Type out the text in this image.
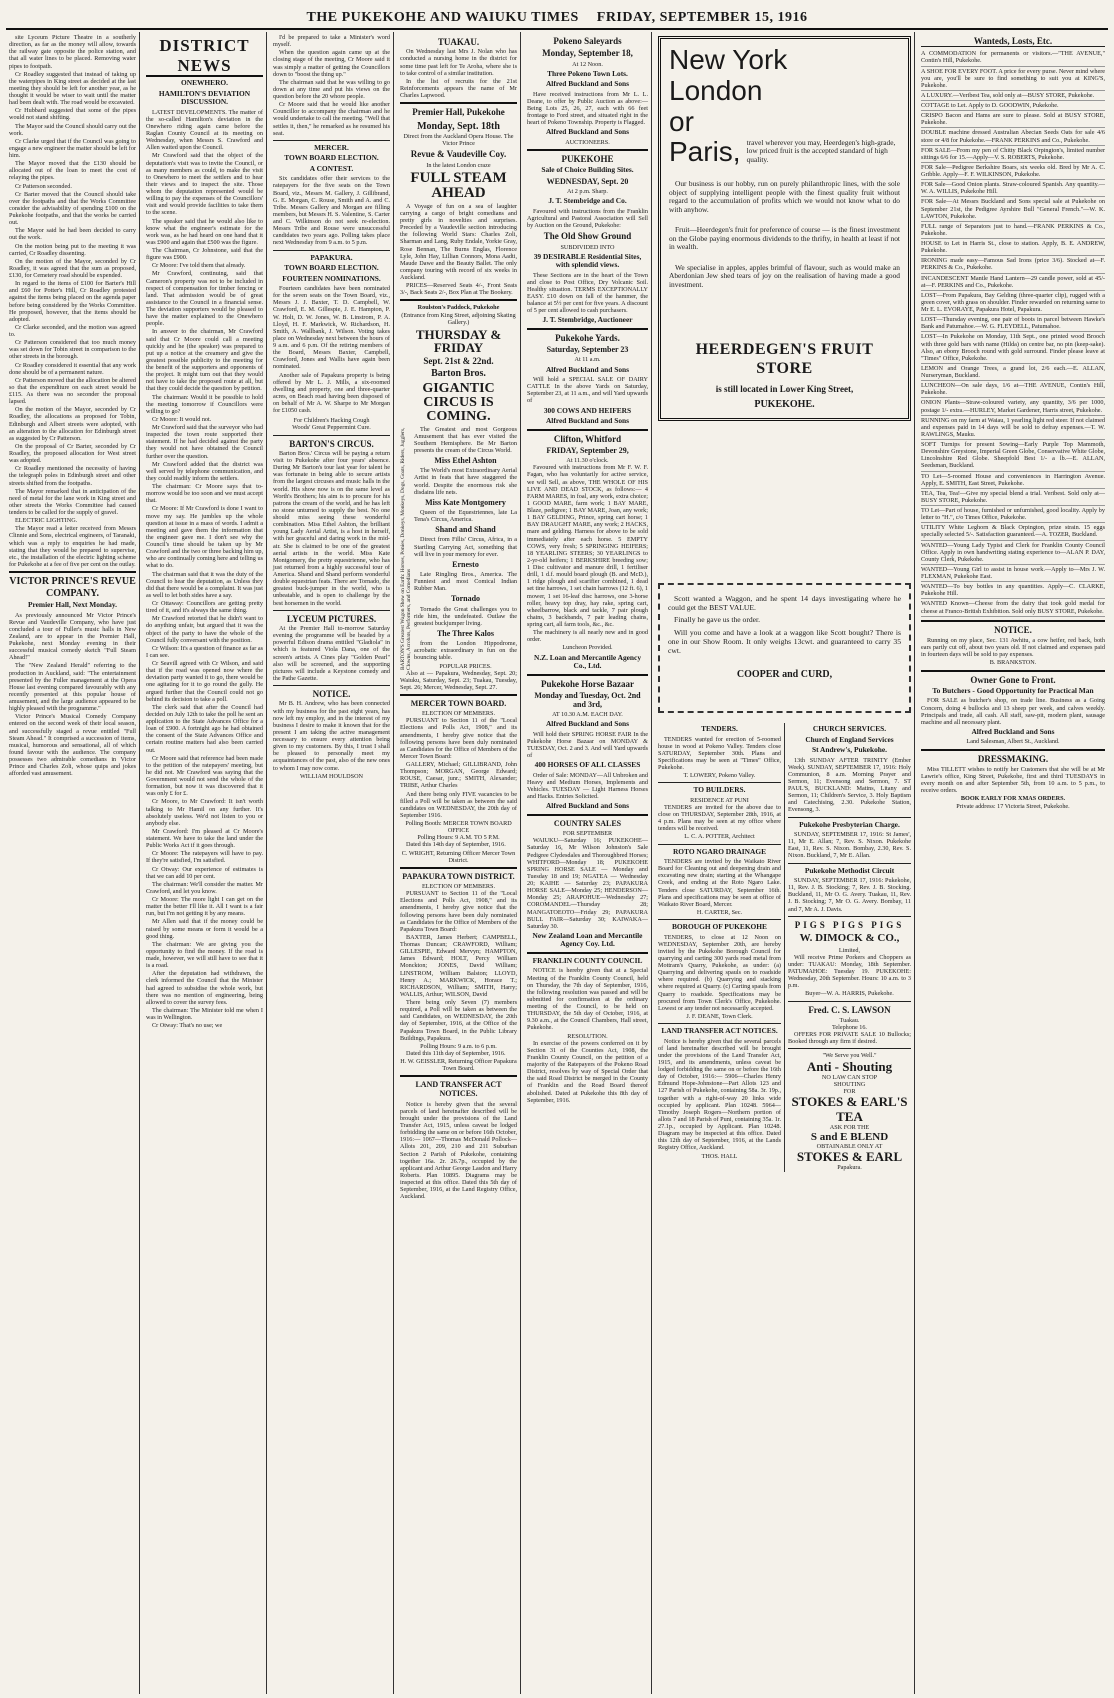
THE PUKEKOHE AND WAIUKU TIMES FRIDAY, SEPTEMBER 15, 1916
site Lyceum Picture Theatre in a southerly direction, as far as the money will allow, towards the railway gate opposite the police station, and that all water lines to be placed. Removing water pipes to footpath.
Cr Roadley suggested that instead of taking up the waterpipes in King street as decided at the last meeting they should be left for another year, as he thought it would be wiser to wait until the matter had been dealt with. The road would be excavated.
Cr Hubbard suggested that some of the pipes would not stand shifting.
The Mayor said the Council should carry out the work.
Cr Clarke urged that if the Council was going to engage a new engineer the matter should be left for him.
The Mayor moved that the £130 should be allocated out of the loan to meet the cost of relaying the pipes.
Cr Patterson seconded.
Cr Barter moved that the Council should take over the footpaths and that the Works Committee consider the advisability of spending £100 on the Pukekohe footpaths, and that the works be carried out.
The Mayor said he had been decided to carry out the work.
On the motion being put to the meeting it was carried, Cr Roadley dissenting.
On the motion of the Mayor, seconded by Cr Roadley, it was agreed that the sum as proposed, £130, for Cemetery road should be expended.
In regard to the items of £100 for Barter's Hill and £60 for Potter's Hill, Cr Roadley protested against the items being placed on the agenda paper before being considered by the Works Committee. He proposed, however, that the items should be adopted.
Cr Clarke seconded, and the motion was agreed to.
Cr Patterson considered that too much money was set down for Tobin street in comparison to the other streets in the borough.
Cr Roadley considered it essential that any work done should be of a permanent nature.
Cr Patterson moved that the allocation be altered so that the expenditure on each street would be £115. As there was no seconder the proposal lapsed.
On the motion of the Mayor, seconded by Cr Roadley, the allocations as proposed for Tobin, Edinburgh and Albert streets were adopted, with an alteration to the allocation for Edinburgh street as suggested by Cr Patterson.
On the proposal of Cr Barter, seconded by Cr Roadley, the proposed allocation for West street was adopted.
Cr Roadley mentioned the necessity of having the telegraph poles in Edinburgh street and other streets shifted from the footpaths.
The Mayor remarked that in anticipation of the need of metal for the lane work in King street and other streets the Works Committee had caused tenders to be called for the supply of gravel.
ELECTRIC LIGHTING.
The Mayor read a letter received from Messrs Clinnie and Sons, electrical engineers, of Taranaki, which was a reply to enquiries he had made, stating that they would be prepared to supervise, etc., the installation of the electric lighting scheme for Pukekohe at a fee of five per cent on the outlay.
VICTOR PRINCE'S REVUE COMPANY.
Premier Hall, Next Monday.
As previously announced Mr Victor Prince's Revue and Vaudeville Company, who have just concluded a tour of Fuller's music halls in New Zealand, are to appear in the Premier Hall, Pukekohe, next Monday evening in their successful musical comedy sketch "Full Steam Ahead!"
The "New Zealand Herald" referring to the production in Auckland, said: "The entertainment presented by the Fuller management at the Opera House last evening compared favourably with any recently presented at this popular house of amusement, and the large audience appeared to be highly pleased with the programme."
Victor Prince's Musical Comedy Company entered on the second week of their local season, and successfully staged a revue entitled "Full Steam Ahead." It comprised a succession of items, musical, humorous and sensational, all of which found favour with the audience. The company possesses two admirable comedians in Victor Prince and Charles Zoli, whose quips and jokes afforded vast amusement.
DISTRICT NEWS
ONEWHERO.
HAMILTON'S DEVIATION DISCUSSION.
LATEST DEVELOPMENTS. The matter of the so-called Hamilton's deviation in the Onewhero riding again came before the Raglan County Council at its meeting on Wednesday, when Messrs S. Crawford and Allen waited upon the Council.
Mr Crawford said that the object of the deputation's visit was to invite the Council, or as many members as could, to make the visit to Onewhero to meet the settlers and to hear their views and to inspect the site. Those whom the deputation represented would be willing to pay the expenses of the Councillors' visit and would provide facilities to take them to the scene.
The speaker said that he would also like to know what the engineer's estimate for the work was, as he had heard on one hand that it was £900 and again that £500 was the figure.
The Chairman, Cr Johnstone, said that the figure was £900.
Cr Moore: I've told them that already.
Mr Crawford, continuing, said that Cameron's property was not to be included in respect of compensation for timber fencing or land. That admission would be of great assistance to the Council in a financial sense. The deviation supporters would be pleased to have the matter explained to the Onewhero people.
In answer to the chairman, Mr Crawford said that Cr Moore could call a meeting quickly and he (the speaker) was prepared to put up a notice at the creamery and give the greatest possible publicity to the meeting for the benefit of the supporters and opponents of the project. It might turn out that they would not have to take the proposed route at all, but that they could decide the question by petition.
The chairman: Would it be possible to hold the meeting tomorrow if Councillors were willing to go?
Cr Moore: It would not.
Mr Crawford said that the surveyor who had inspected the town route supported their statement. If he had decided against the party they would not have obtained the Council further over the question.
Mr Crawford added that the district was well served by telephone communication, and they could readily inform the settlers.
The chairman: Cr Moore says that to-morrow would be too soon and we must accept that.
Cr Moore: If Mr Crawford is done I want to move my say. He jumbles up the whole question at issue in a mass of words. I admit a meeting and gave them the information that the engineer gave me. I don't see why the Council's time should be taken up by Mr Crawford and the two or three backing him up, who are continually coming here and telling us what to do.
The chairman said that it was the duty of the Council to hear the deputation, as Unless they did that there would be a complaint. It was just as well to let both sides have a say.
Cr Ottaway: Councillors are getting pretty tired of it, and it's always the same thing.
Mr Crawford retorted that he didn't want to do anything unfair, but argued that it was the object of the party to have the whole of the Council fully conversant with the position.
Cr Wilson: It's a question of finance as far as I can see.
Cr Seavill agreed with Cr Wilson, and said that if the road was opened now where the deviation party wanted it to go, there would be one agitating for it to go round the gully. He argued further that the Council could not go behind its decision to take a poll.
The clerk said that after the Council had decided on July 12th to take the poll he sent an application to the State Advances Office for a loan of £900. A fortnight ago he had obtained the consent of the State Advances Office and certain routine matters had also been carried out.
Cr Moore said that reference had been made to the petition of the ratepayers' meeting, but he did not. Mr Crawford was saying that the Government would not send the whole of the formation, but now it was discovered that it was only £ for £.
Cr Moore, to Mr Crawford: It isn't worth talking to Mr Hamil on any further. It's absolutely useless. We'd not listen to you or anybody else.
Mr Crawford: I'm pleased at Cr Moore's statement. We have to take the land under the Public Works Act if it goes through.
Cr Moore: The ratepayers will have to pay. If they're satisfied, I'm satisfied.
Cr Otway: Our experience of estimates is that we can add 10 per cent.
The chairman: We'll consider the matter. Mr Crawford, and let you know.
Cr Moore: The more light I can get on the matter the better I'll like it. All I want is a fair run, but I'm not getting it by any means.
Mr Allen said that if the money could be raised by some means or form it would be a good thing.
The chairman: We are giving you the opportunity to find the money. If the road is made, however, we will still have to see that it is a road.
After the deputation had withdrawn, the clerk informed the Council that the Minister had agreed to subsidise the whole work, but there was no mention of engineering, being allowed to cover the survey fees.
The chairman: The Minister told me when I was in Wellington.
Cr Otway: That's no use; we
I'd be prepared to take a Minister's word myself.
When the question again came up at the closing stage of the meeting, Cr Moore said it was simply a matter of getting the Councillors down to "boost the thing up."
The chairman said that he was willing to go down at any time and put his views on the question before the 20 whore people.
Cr Moore said that he would like another Councillor to accompany the chairman and he would undertake to call the meeting. "Well that settles it, then," he remarked as he resumed his seat.
MERCER.
TOWN BOARD ELECTION.
A CONTEST.
Six candidates offer their services to the ratepayers for the five seats on the Town Board, viz., Messrs M. Gallery, J. Gillibrand, G. E. Morgan, C. Rouse, Smith and A. and C. Tribe. Messrs Gallery and Morgan are filling members, but Messrs H. S. Valentine, S. Carter and C. Wilkinson do not seek re-election. Messrs Tribe and Rouse were unsuccessful candidates two years ago. Polling takes place next Wednesday from 9 a.m. to 5 p.m.
PAPAKURA.
TOWN BOARD ELECTION.
FOURTEEN NOMINATIONS.
Fourteen candidates have been nominated for the seven seats on the Town Board, viz., Messrs J. J. Baxter, T. D. Campbell, W. Crawford, E. M. Gillespie, J. E. Hampton, P. W. Holt, D. W. Jones, W. B. Linstrom, P. A. Lloyd, H. F. Markwick, W. Richardson, H. Smith, A. Wallbank, J. Wilson. Voting takes place on Wednesday next between the hours of 9 a.m. and 6 p.m. Of the retiring members of the Board, Messrs Baxter, Campbell, Crawford, Jones and Wallis have again been nominated.
Another sale of Papakura property is being offered by Mr L. J. Mills, a six-roomed dwelling and property, one and three-quarter acres, on Beach road having been disposed of on behalf of Mr A. W. Sharpe to Mr Morgan for £1050 cash.
For Children's Hacking Cough
Woods' Great Peppermint Cure.
BARTON'S CIRCUS.
Barton Bros.' Circus will be paying a return visit to Pukekohe after four years' absence. During Mr Barton's tour last year for talent he was fortunate in being able to secure artists from the largest circuses and music halls in the world. His show now is on the same level as Worth's Brothers; his aim is to procure for his patrons the cream of the world, and he has left no stone unturned to supply the best. No one should miss seeing these wonderful combination. Miss Ethel Ashton, the brilliant young Lady Aerial Artist, is a host in herself, with her graceful and daring work in the mid-air. She is claimed to be one of the greatest aerial artists in the world. Miss Kate Montgomery, the pretty equestrienne, who has just returned from a highly successful tour of America. Shand and Shand perform wonderful double equestrian feats. There are Tornado, the greatest buck-jumper in the world, who is unbeatable, and is open to challenge by the best horsemen in the world.
LYCEUM PICTURES.
At the Premier Hall to-morrow Saturday evening the programme will be headed by a powerful Edison drama entitled "Gladiola" in which is featured Viola Dana, one of the screen's artists. A Cines play "Golden Pearl" also will be screened, and the supporting pictures will include a Keystone comedy and the Pathe Gazette.
NOTICE.
Mr B. H. Andrew, who has been connected with my business for the past eight years, has now left my employ, and in the interest of my business I desire to make it known that for the present I am taking the active management necessary to ensure every attention being given to my customers. By this, I trust I shall be pleased to personally meet my acquaintances of the past, also of the new ones to whom I may now come.
WILLIAM HOULDSON
TUAKAU.
On Wednesday last Mrs J. Nolan who has conducted a nursing home in the district for some time past left for Te Aroha, where she is to take control of a similar institution.
In the list of recruits for the 21st Reinforcements appears the name of Mr Charles Lapwood.
Premier Hall, Pukekohe
Monday, Sept. 18th
Direct from the Auckland Opera House. The Victor Prince
Revue & Vaudeville Coy.
In the latest London craze
FULL STEAM AHEAD
A Voyage of fun on a sea of laughter carrying a cargo of bright comedians and pretty girls in novelties and surprises. Preceded by a Vaudeville section introducing the following World Stars: Charles Zoli, Sharman and Lang, Ruby Endale, Yorkie Gray, Rose Bennan, The Burns Englas, Florence Lyle, John Hay, Lillian Connors, Mona Aadti, Maude Dawe and the Beauty Ballet. The only company touring with record of six weeks in Auckland.
PRICES—Reserved Seats 4/-, Front Seats 3/-, Back Seats 2/-, Box Plan at The Bookery.
Roulston's Paddock, Pukekohe
(Entrance from King Street, adjoining Skating Gallery.)
THURSDAY & FRIDAY
Sept. 21st & 22nd.
Barton Bros.
GIGANTIC CIRCUS IS COMING.
BARTON'S Greatest Wagon Show on Earth: Horses, Ponies, Donkeys, Monkeys, Dogs, Goats, Riders, Jugglers, Clowns, Acrobats, Performers, and Comedians
The Greatest and most Gorgeous Amusement that has ever visited the Southern Hemisphere. Be Mr Barton presents the cream of the Circus World.
Miss Ethel Ashton
The World's most Extraordinary Aerial Artist in feats that have staggered the world. Despite the enormous risk she disdains life nets.
Miss Kate Montgomery
Queen of the Equestriennes, late La Tena's Circus, America.
Shand and Shand
Direct from Fillis' Circus, Africa, in a Startling Carrying Act, something that will live in your memory for ever.
Ernesto
Late Ringling Bros., America. The Funniest and most Comical Indian Rubber Man.
Tornado
Tornado the Great challenges you to ride him, the undefeated. Outlaw the greatest buckjumper living.
The Three Kalos
from the London Hippodrome, acrobatic extraordinary in fun on the bouncing table.
POPULAR PRICES.
Also at — Papakura, Wednesday, Sept. 20; Waiuku, Saturday, Sept. 23; Tuakau, Tuesday, Sept. 26; Mercer, Wednesday, Sept. 27.
MERCER TOWN BOARD.
ELECTION OF MEMBERS.
PURSUANT to Section 11 of the "Local Elections and Polls Act, 1908," and its amendments, I hereby give notice that the following persons have been duly nominated as Candidates for the Office of Members of the Mercer Town Board:
GALLERY, Michael; GILLIBRAND, John Thompson; MORGAN, George Edward; ROUSE, Caesar, junr.; SMITH, Alexander; TRIBE, Arthur Charles
And there being only FIVE vacancies to be filled a Poll will be taken as between the said candidates on WEDNESDAY, the 20th day of September 1916.
Polling Booth: MERCER TOWN BOARD OFFICE
Polling Hours: 9 A.M. TO 5 P.M.
Dated this 14th day of September, 1916.
C. WRIGHT, Returning Officer Mercer Town District.
PAPAKURA TOWN DISTRICT.
ELECTION OF MEMBERS.
PURSUANT to Section 11 of the "Local Elections and Polls Act, 1908," and its amendments, I hereby give notice that the following persons have been duly nominated as Candidates for the Office of Members of the Papakura Town Board:
BAXTER, James Herbert; CAMPBELL, Thomas Duncan; CRAWFORD, William; GILLESPIE, Edward Mervyn; HAMPTON, James Edward; HOLT, Percy William Monckton; JONES, David William; LINSTROM, William Balston; LLOYD, Henry A.; MARKWICK, Horace T.; RICHARDSON, William; SMITH, Harry; WALLIS, Arthur; WILSON, David
There being only Seven (7) members required, a Poll will be taken as between the said Candidates, on WEDNESDAY, the 20th day of September, 1916, at the Office of the Papakura Town Board, in the Public Library Buildings, Papakura.
Polling Hours: 9 a.m. to 6 p.m.
Dated this 11th day of September, 1916.
H. W. GEISSLER, Returning Officer Papakura Town Board.
LAND TRANSFER ACT NOTICES.
Notice is hereby given that the several parcels of land hereinafter described will be brought under the provisions of the Land Transfer Act, 1915, unless caveat be lodged forbidding the same on or before 16th October, 1916:— 1067—Thomas McDonald Pollock—Allots 201, 209, 210 and 211 Suburban Section 2 Parish of Pukekohe, containing together 16a. 2r. 26.7p., occupied by the applicant and Arthur George Lasdon and Harry Roberts. Plan 10895. Diagrams may be inspected at this office. Dated this 5th day of September, 1916, at the Land Registry Office, Auckland.
Pokeno Saleyards
Monday, September 18,
At 12 Noon.
Three Pokeno Town Lots.
Alfred Buckland and Sons
Have received instructions from Mr L. L. Deane, to offer by Public Auction as above:— Being Lots 25, 26, 27, each with 66 feet frontage to Ford street, and situated right in the heart of Pokeno Township. Property is Flagged.
Alfred Buckland and Sons
AUCTIONEERS.
PUKEKOHE
Sale of Choice Building Sites.
WEDNESDAY, Sept. 20
At 2 p.m. Sharp.
J. T. Stembridge and Co.
Favoured with instructions from the Franklin Agricultural and Pastoral Association will Sell by Auction on the Ground, Pukekohe:
The Old Show Ground
SUBDIVIDED INTO
39 DESIRABLE Residential Sites, with splendid views.
These Sections are in the heart of the Town and close to Post Office, Dry Volcanic Soil. Healthy situation. TERMS EXCEPTIONALLY EASY. £10 down on fall of the hammer, the balance at 5½ per cent for five years. A discount of 5 per cent allowed to cash purchasers.
J. T. Stembridge, Auctioneer
Pukekohe Yards.
Saturday, September 23
At 11 a.m.
Alfred Buckland and Sons
Will hold a SPECIAL SALE OF DAIRY CATTLE In the above Yards on Saturday, September 23, at 11 a.m., and will Yard upwards of
300 COWS AND HEIFERS
Alfred Buckland and Sons
Clifton, Whitford
FRIDAY, September 29,
At 11.30 o'clock.
Favoured with instructions from Mr F. W. F. Fagan, who has voluntarily for active service, we will Sell, as above, THE WHOLE OF HIS LIVE AND DEAD STOCK, as follows:— 4 FARM MARES, in foal, any work, extra choice; 1 GOOD MARE, farm work; 1 BAY MARE, Blaze, pedigree; 1 BAY MARE, Joan, any work; 1 BAY GELDING, Prince, spring cart horse; 1 BAY DRAUGHT MARE, any work; 2 HACKS, mare and gelding. Harness for above to be sold immediately after each horse. 5 EMPTY COWS, very fresh; 5 SPRINGING HEIFERS; 18 YEARLING STEERS; 30 YEARLINGS to 2-yr-old heifers; 1 BERKSHIRE breeding sow; 1 Disc cultivator and manure drill, 1 fertiliser drill, 1 d.f. mould board plough (B. and McD.), 1 ridge plough and scarifier combined, 1 dead set tine harrows, 1 set chain harrows (12 ft. 6), 1 mower, 1 set 16-leaf disc harrows, one 3-horse roller, heavy top dray, hay rake, spring cart, wheelbarrow, black and tackle, 7 pair plough chains, 3 backbands, 7 pair leading chains, spring cart, all farm tools, &c., &c.
The machinery is all nearly new and in good order.
Luncheon Provided.
N.Z. Loan and Mercantile Agency Co., Ltd.
Pukekohe Horse Bazaar
Monday and Tuesday, Oct. 2nd and 3rd,
AT 10.30 A.M. EACH DAY.
Alfred Buckland and Sons
Will hold their SPRING HORSE FAIR In the Pukekohe Horse Bazaar on MONDAY & TUESDAY, Oct. 2 and 3. And will Yard upwards of
400 HORSES OF ALL CLASSES
Order of Sale: MONDAY—All Unbroken and Heavy and Medium Horses, Implements and Vehicles. TUESDAY — Light Harness Horses and Hacks. Entries Solicited.
Alfred Buckland and Sons
COUNTRY SALES
FOR SEPTEMBER
WAIUKU—Saturday 16; PUKEKOHE—Saturday 16, Mr Wilson Johnston's Sale Pedigree Clydesdales and Thoroughbred Horses; WHITFORD—Monday 18; PUKEKOHE SPRING HORSE SALE — Monday and Tuesday 18 and 19; NGATEA — Wednesday 20; KAIHE — Saturday 23; PAPAKURA HORSE SALE—Monday 25; HENDERSON—Monday 25; ARAPOHUE—Wednesday 27; COROMANDEL—Thursday 28; MANGATOEOTO—Friday 29; PAPAKURA BULL FAIR—Saturday 30; KAIWAKA—Saturday 30.
New Zealand Loan and Mercantile Agency Coy. Ltd.
FRANKLIN COUNTY COUNCIL
NOTICE is hereby given that at a Special Meeting of the Franklin County Council, held on Thursday, the 7th day of September, 1916, the following resolution was passed and will be submitted for confirmation at the ordinary meeting of the Council, to be held on THURSDAY, the 5th day of October, 1916, at 9.30 a.m., at the Council Chambers, Hall street, Pukekohe.
RESOLUTION.
In exercise of the powers conferred on it by Section 31 of the Counties Act, 1908, the Franklin County Council, on the petition of a majority of the Ratepayers of the Pokeno Road District, resolves by way of Special Order that the said Road District be merged in the County of Franklin and the Road Board thereof abolished. Dated at Pukekohe this 8th day of September, 1916.
New York
London
or
Paris, travel wherever you may, Heerdegen's high-grade, low priced fruit is the accepted standard of high quality.
Our business is our hobby, run on purely philanthropic lines, with the sole object of supplying intelligent people with the finest quality fruit without regard to the accumulation of profits which we would not know what to do with anyhow.
Fruit—Heerdegen's fruit for preference of course — is the finest investment on the Globe paying enormous dividends to the thrifty, in health at least if not in wealth.
We specialise in apples, apples brimful of flavour, such as would make an Aberdonian Jew shed tears of joy on the realisation of having made a good investment.
HEERDEGEN'S FRUIT STORE
is still located in Lower King Street,
PUKEKOHE.
Scott wanted a Waggon, and he spent 14 days investigating where he could get the BEST VALUE.
Finally he gave us the order.
Will you come and have a look at a waggon like Scott bought? There is one in our Show Room. It only weighs 13cwt. and guaranteed to carry 35 cwt.
COOPER and CURD,
TENDERS.
TENDERS wanted for erection of 5-roomed house in wood at Pokeno Valley. Tenders close SATURDAY, September 30th. Plans and Specifications may be seen at "Times" Office, Pukekohe.
T. LOWERY, Pokeno Valley.
TO BUILDERS.
RESIDENCE AT PUNI
TENDERS are invited for the above due to close on THURSDAY, September 28th, 1916, at 4 p.m. Plans may be seen at my office where tenders will be received.
L. C. A. POTTER, Architect
ROTO NGARO DRAINAGE
TENDERS are invited by the Waikato River Board for Cleaning out and deepening drain and excavating new drain; starting at the Whangape Creek, and ending at the Roto Ngaro Lake. Tenders close SATURDAY, September 16th. Plans and specifications may be seen at office of Waikato River Board, Mercer.
H. CARTER, Sec.
BOROUGH OF PUKEKOHE
TENDERS, to close at 12 Noon on WEDNESDAY, September 20th, are hereby invited by the Pukekohe Borough Council for quarrying and carting 300 yards road metal from Mottram's Quarry, Pukekohe, as under: (a) Quarrying and delivering spauls on to roadside where required. (b) Quarrying and stacking where required at Quarry. (c) Carting spauls from Quarry to roadside. Specifications may be procured from Town Clerk's Office, Pukekohe. Lowest or any tender not necessarily accepted.
J. F. DEANE, Town Clerk.
LAND TRANSFER ACT NOTICES.
Notice is hereby given that the several parcels of land hereinafter described will be brought under the provisions of the Land Transfer Act, 1915, and its amendments, unless caveat be lodged forbidding the same on or before the 16th day of October, 1916:— 5906—Charles Henry Edmund Hope-Johnstone—Part Allots 123 and 127 Parish of Pukekohe, containing 58a. 3r. 19p., together with a right-of-way 20 links wide occupied by applicant. Plan 10248. 5964—Timothy Joseph Rogers—Northern portion of allots 7 and 18 Parish of Puni, containing 35a. 1r. 27.1p., occupied by Applicant. Plan 10248. Diagram may be inspected at this office. Dated this 12th day of September, 1916, at the Lands Registry Office, Auckland.
THOS. HALL
CHURCH SERVICES.
Church of England Services
St Andrew's, Pukekohe.
13th SUNDAY AFTER TRINITY (Ember Week). SUNDAY, SEPTEMBER 17, 1916: Holy Communion, 8 a.m. Morning Prayer and Sermon, 11; Evensong and Sermon, 7. ST PAUL'S, BUCKLAND: Matins, Litany and Sermon, 11; Children's Service, 3. Holy Baptism and Catechising, 2.30. Pukekohe Station, Evensong, 3.
Pukekohe Presbyterian Charge.
SUNDAY, SEPTEMBER 17, 1916: St James', 11, Mr E. Allan; 7, Rev. S. Nixon. Pukekohe East, 11, Rev. S. Nixon. Bombay, 2.30, Rev. S. Nixon. Buckland, 7, Mr E. Allan.
Pukekohe Methodist Circuit
SUNDAY, SEPTEMBER 17, 1916: Pukekohe, 11, Rev. J. B. Stocking; 7, Rev. J. B. Stocking. Buckland, 11, Mr O. G. Avery. Tuakau, 11, Rev. J. B. Stocking; 7, Mr O. G. Avery. Bombay, 11 and 7, Mr A. J. Davis.
PIGS PIGS PIGS
W. DIMOCK & CO.,
Limited,
Will receive Prime Porkers and Choppers as under: TUAKAU: Monday, 18th September. PATUMAHOE: Tuesday 19. PUKEKOHE: Wednesday, 20th September. Hours: 10 a.m. to 3 p.m.
Buyer—W. A. HARRIS, Pukekohe.
Fred. C. S. LAWSON
Tuakau.
Telephone 16.
OFFERS FOR PRIVATE SALE 10 Bullocks; Booked through any firm if desired.
"We Serve you Well."
Anti - Shouting
NO LAW CAN STOP
SHOUTING
FOR
STOKES & EARL'S
TEA
ASK FOR THE
S and E BLEND
OBTAINABLE ONLY AT
STOKES & EARL
Papakura.
Wanteds, Losts, Etc.
A COMMODATION for permanents or visitors.—"THE AVENUE," Contin's Hill, Pukekohe.
A SHOE FOR EVERY FOOT. A price for every purse. Never mind where you are, you'll be sure to find something to suit you at KING'S, Pukekohe.
A LUXURY.—Veribest Tea, sold only at—BUSY STORE, Pukekohe.
COTTAGE to Let. Apply to D. GOODWIN, Pukekohe.
CRISPO Bacon and Hams are sure to please. Sold at BUSY STORE, Pukekohe.
DOUBLE machine dressed Australian Abecian Seeds Oats for sale 4/6 store or 4/8 for Pukekohe.—FRANK PERKINS and Co., Pukekohe.
FOR SALE—From my pen of Chitty Black Orpington's, limited number sittings 6/6 for 15.—Apply—V. S. ROBERTS, Pukekohe.
FOR Sale—Pedigree Berkshire Boars, six weeks old. Bred by Mr A. C. Gribble. Apply—F. F. WILKINSON, Pukekohe.
FOR Sale—Good Onion plants. Straw-coloured Spanish. Any quantity.—W. A. WILLIS, Pukekohe Hill.
FOR Sale—At Messrs Buckland and Sons special sale at Pukekohe on September 21st, the Pedigree Ayrshire Bull "General French."—W. K. LAWTON, Pukekohe.
FULL range of Separators just to hand.—FRANK PERKINS & Co., Pukekohe.
HOUSE to Let in Harris St., close to station. Apply, B. E. ANDREW, Pukekohe.
IRONING made easy—Famous Sad Irons (price 3/6). Stocked at—F. PERKINS & Co., Pukekohe.
INCANDESCENT Mantle Hand Lantern—29 candle power, sold at 45/- at—F. PERKINS and Co., Pukekohe.
LOST—From Papakura, Bay Gelding (three-quarter clip), rugged with a green cover, with grass on shoulder. Finder rewarded on returning same to Mr E. L. EVORAYE, Papakura Hotel, Papakura.
LOST—Thursday evening, one pair of boots in parcel between Hawke's Bank and Patumahoe.—W. G. FLEYDELL, Patumahoe.
LOST—In Pukekohe on Monday, 11th Sept., one printed wood Brooch with three gold bars with name (Hilda) on centre bar, no pin (keep-sake). Also, an ebony Brooch round with gold surround. Finder please leave at "Times" Office, Pukekohe.
LEMON and Orange Trees, a grand lot, 2/6 each.—E. ALLAN, Nurseryman, Buckland.
LUNCHEON—On sale days, 1/6 at—THE AVENUE, Contin's Hill, Pukekohe.
ONION Plants—Straw-coloured variety, any quantity, 3/6 per 1000, postage 1/- extra.—HURLEY, Market Gardener, Harris street, Pukekohe.
RUNNING on my farm at Waiau, 1 yearling light red steer. If not claimed and expenses paid in 14 days will be sold to defray expenses.—T. W. RAWLINGS, Mauku.
SOFT Turnips for present Sowing—Early Purple Top Mammoth, Devonshire Greystone, Imperial Green Globe, Conservative White Globe, Lincolnshire Red Globe. Sheepfold Best 1/- a lb.—E. ALLAN, Seedsman, Buckland.
TO Let—5-roomed House and conveniences in Harrington Avenue. Apply, E. SMITH, East Street, Pukekohe.
TEA, Tea, Tea!—Give my special blend a trial. Veribest. Sold only at—BUSY STORE, Pukekohe.
TO Let—Part of house, furnished or unfurnished, good locality. Apply by letter to "H.", c/o Times Office, Pukekohe.
UTILITY White Leghorn & Black Orpington, prize strain. 15 eggs specially selected 5/-. Satisfaction guaranteed.—A. TOZER, Buckland.
WANTED—Young Lady Typist and Clerk for Franklin County Council Office. Apply in own handwriting stating experience to—ALAN P. DAY, County Clerk, Pukekohe.
WANTED—Young Girl to assist in house work.—Apply to—Mrs J. W. FLEXMAN, Pukekohe East.
WANTED—To buy bottles in any quantities. Apply—C. CLARKE, Pukekohe Hill.
WANTED Known—Cheese from the dairy that took gold medal for cheese at Franco-British Exhibition. Sold only BUSY STORE, Pukekohe.
NOTICE.
Running on my place, Sec. 131 Awhitu, a cow heifer, red back, both ears partly cut off, about two years old. If not claimed and expenses paid in fourteen days will be sold to pay expenses.
B. BRANKSTON.
Owner Gone to Front.
To Butchers - Good Opportunity for Practical Man
FOR SALE as butcher's shop, on trade line. Business as a Going Concern, doing 4 bullocks and 13 sheep per week, and calves weekly. Principals and trade, all cash. All staff, saw-pit, modern plant, sausage machine and all necessary plant.
Alfred Buckland and Sons
Land Salesman, Albert St., Auckland.
DRESSMAKING.
Miss TILLETT wishes to notify her Customers that she will be at Mr Lawrie's office, King Street, Pukekohe, first and third TUESDAYS in every month on and after September 5th, from 10 a.m. to 5 p.m., to receive orders.
BOOK EARLY FOR XMAS ORDERS.
Private address: 17 Victoria Street, Pukekohe.
